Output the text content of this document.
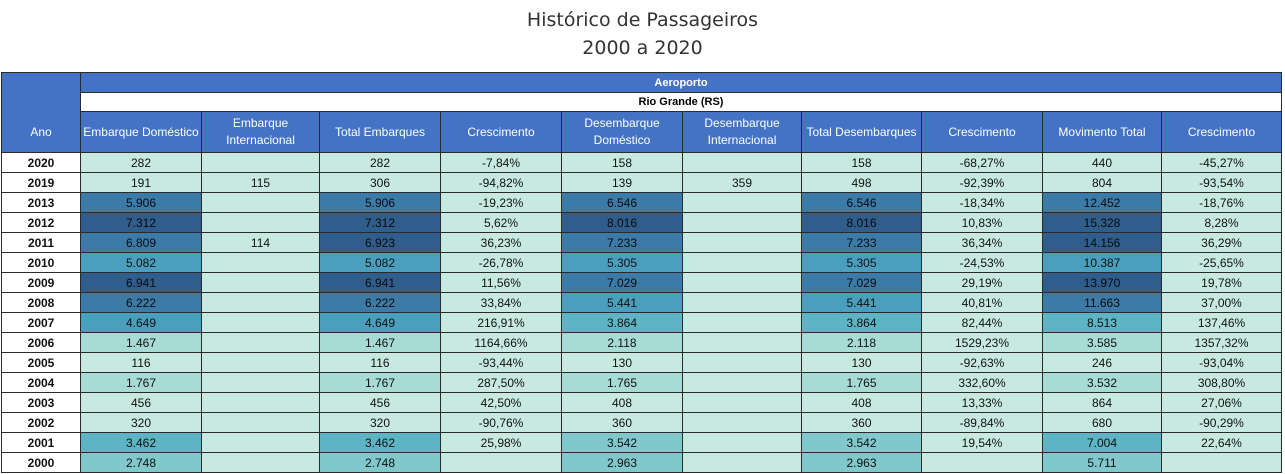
Histórico de Passageiros
2000 a 2020
Ano	Aeroporto									
	Rio Grande (RS)									
	Embarque Doméstico	Embarque Internacional	Total Embarques	Crescimento	Desembarque Doméstico	Desembarque Internacional	Total Desembarques	Crescimento	Movimento Total	Crescimento
2020	282		282	-7,84%	158		158	-68,27%	440	-45,27%
2019	191	115	306	-94,82%	139	359	498	-92,39%	804	-93,54%
2013	5.906		5.906	-19,23%	6.546		6.546	-18,34%	12.452	-18,76%
2012	7.312		7.312	5,62%	8.016		8.016	10,83%	15.328	8,28%
2011	6.809	114	6.923	36,23%	7.233		7.233	36,34%	14.156	36,29%
2010	5.082		5.082	-26,78%	5.305		5.305	-24,53%	10.387	-25,65%
2009	6.941		6.941	11,56%	7.029		7.029	29,19%	13.970	19,78%
2008	6.222		6.222	33,84%	5.441		5.441	40,81%	11.663	37,00%
2007	4.649		4.649	216,91%	3.864		3.864	82,44%	8.513	137,46%
2006	1.467		1.467	1164,66%	2.118		2.118	1529,23%	3.585	1357,32%
2005	116		116	-93,44%	130		130	-92,63%	246	-93,04%
2004	1.767		1.767	287,50%	1.765		1.765	332,60%	3.532	308,80%
2003	456		456	42,50%	408		408	13,33%	864	27,06%
2002	320		320	-90,76%	360		360	-89,84%	680	-90,29%
2001	3.462		3.462	25,98%	3.542		3.542	19,54%	7.004	22,64%
2000	2.748		2.748		2.963		2.963		5.711	
